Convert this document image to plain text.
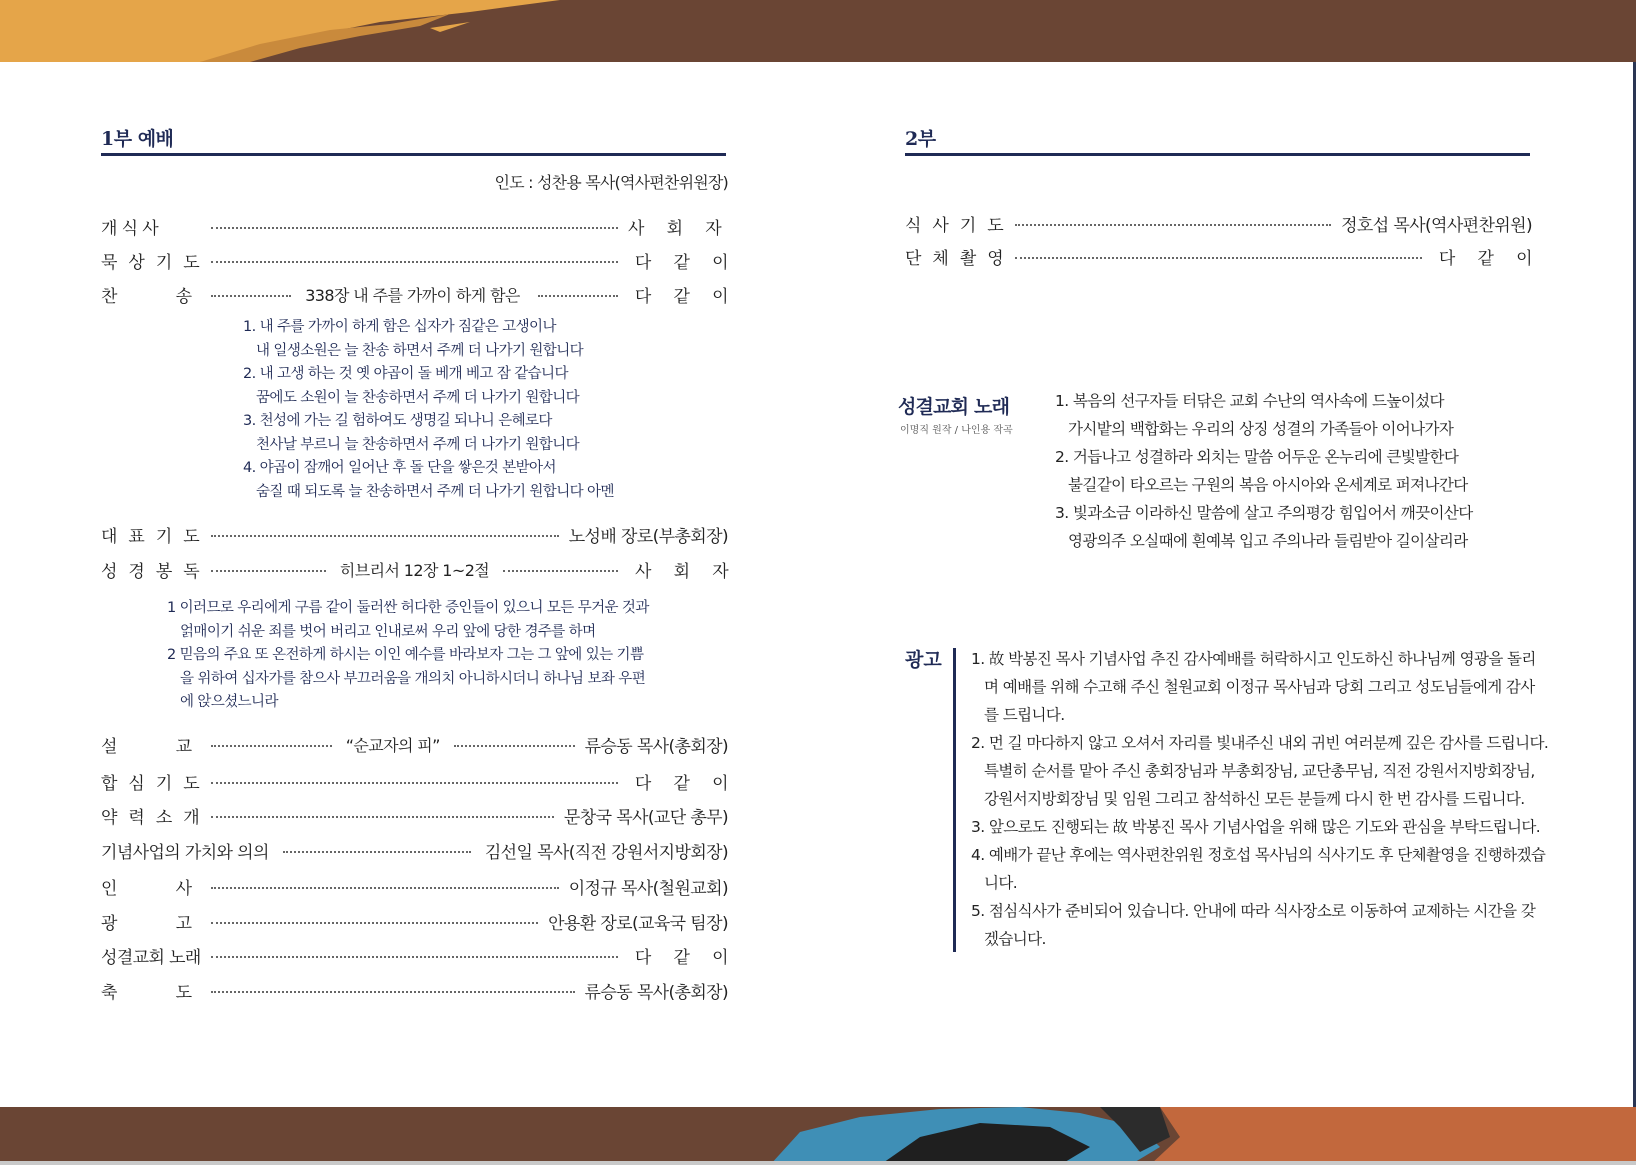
1부 예배
인도 : 성찬용 목사(역사편찬위원장)
개 식 사	사 회 자
묵상기도	다 같 이
찬 송	338장 내 주를 가까이 하게 함은	다 같 이
1. 내 주를 가까이 하게 함은 십자가 짐같은 고생이나
내 일생소원은 늘 찬송 하면서 주께 더 나가기 원합니다
2. 내 고생 하는 것 옛 야곱이 돌 베개 베고 잠 같습니다
꿈에도 소원이 늘 찬송하면서 주께 더 나가기 원합니다
3. 천성에 가는 길 험하여도 생명길 되나니 은혜로다
천사날 부르니 늘 찬송하면서 주께 더 나가기 원합니다
4. 야곱이 잠깨어 일어난 후 돌 단을 쌓은것 본받아서
숨질 때 되도록 늘 찬송하면서 주께 더 나가기 원합니다 아멘
대표기도	노성배 장로(부총회장)
성경봉독	히브리서 12장 1~2절	사 회 자
1 이러므로 우리에게 구름 같이 둘러싼 허다한 증인들이 있으니 모든 무거운 것과
얽매이기 쉬운 죄를 벗어 버리고 인내로써 우리 앞에 당한 경주를 하며
2 믿음의 주요 또 온전하게 하시는 이인 예수를 바라보자 그는 그 앞에 있는 기쁨
을 위하여 십자가를 참으사 부끄러움을 개의치 아니하시더니 하나님 보좌 우편
에 앉으셨느니라
설 교	“순교자의 피”	류승동 목사(총회장)
합심기도	다 같 이
약력소개	문창국 목사(교단 총무)
기념사업의 가치와 의의	김선일 목사(직전 강원서지방회장)
인 사	이정규 목사(철원교회)
광 고	안용환 장로(교육국 팀장)
성결교회 노래	다 같 이
축 도	류승동 목사(총회장)
2부
식사기도	정호섭 목사(역사편찬위원)
단체촬영	다 같 이
성결교회 노래
이명직 원작 / 나인용 작곡
1. 복음의 선구자들 터닦은 교회 수난의 역사속에 드높이섰다
가시밭의 백합화는 우리의 상징 성결의 가족들아 이어나가자
2. 거듭나고 성결하라 외치는 말씀 어두운 온누리에 큰빛발한다
불길같이 타오르는 구원의 복음 아시아와 온세계로 퍼져나간다
3. 빛과소금 이라하신 말씀에 살고 주의평강 힘입어서 깨끗이산다
영광의주 오실때에 흰예복 입고 주의나라 들림받아 길이살리라
광고 1. 故 박봉진 목사 기념사업 추진 감사예배를 허락하시고 인도하신 하나님께 영광을 돌리
며 예배를 위해 수고해 주신 철원교회 이정규 목사님과 당회 그리고 성도님들에게 감사
를 드립니다.
2. 먼 길 마다하지 않고 오셔서 자리를 빛내주신 내외 귀빈 여러분께 깊은 감사를 드립니다.
특별히 순서를 맡아 주신 총회장님과 부총회장님, 교단총무님, 직전 강원서지방회장님,
강원서지방회장님 및 임원 그리고 참석하신 모든 분들께 다시 한 번 감사를 드립니다.
3. 앞으로도 진행되는 故 박봉진 목사 기념사업을 위해 많은 기도와 관심을 부탁드립니다.
4. 예배가 끝난 후에는 역사편찬위원 정호섭 목사님의 식사기도 후 단체촬영을 진행하겠습
니다.
5. 점심식사가 준비되어 있습니다. 안내에 따라 식사장소로 이동하여 교제하는 시간을 갖
겠습니다.
